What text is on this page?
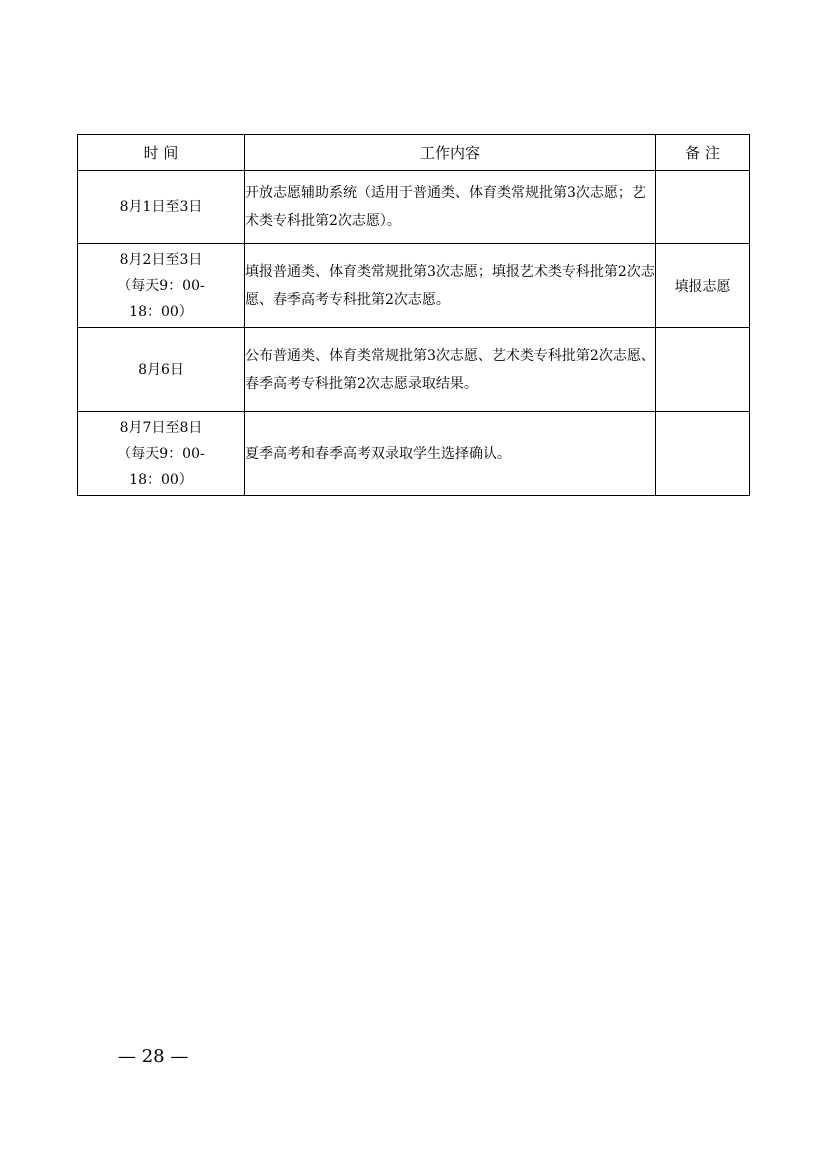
时 间	工作内容	备 注

8月1日至3日	开放志愿辅助系统（适用于普通类、体育类常规批第3次志愿；艺术类专科批第2次志愿）。	

8月2日至3日
（每天9：00-
18：00）	填报普通类、体育类常规批第3次志愿；填报艺术类专科批第2次志愿、春季高考专科批第2次志愿。	填报志愿

8月6日	公布普通类、体育类常规批第3次志愿、艺术类专科批第2次志愿、春季高考专科批第2次志愿录取结果。	

8月7日至8日
（每天9：00-
18：00）	夏季高考和春季高考双录取学生选择确认。	
— 28 —
